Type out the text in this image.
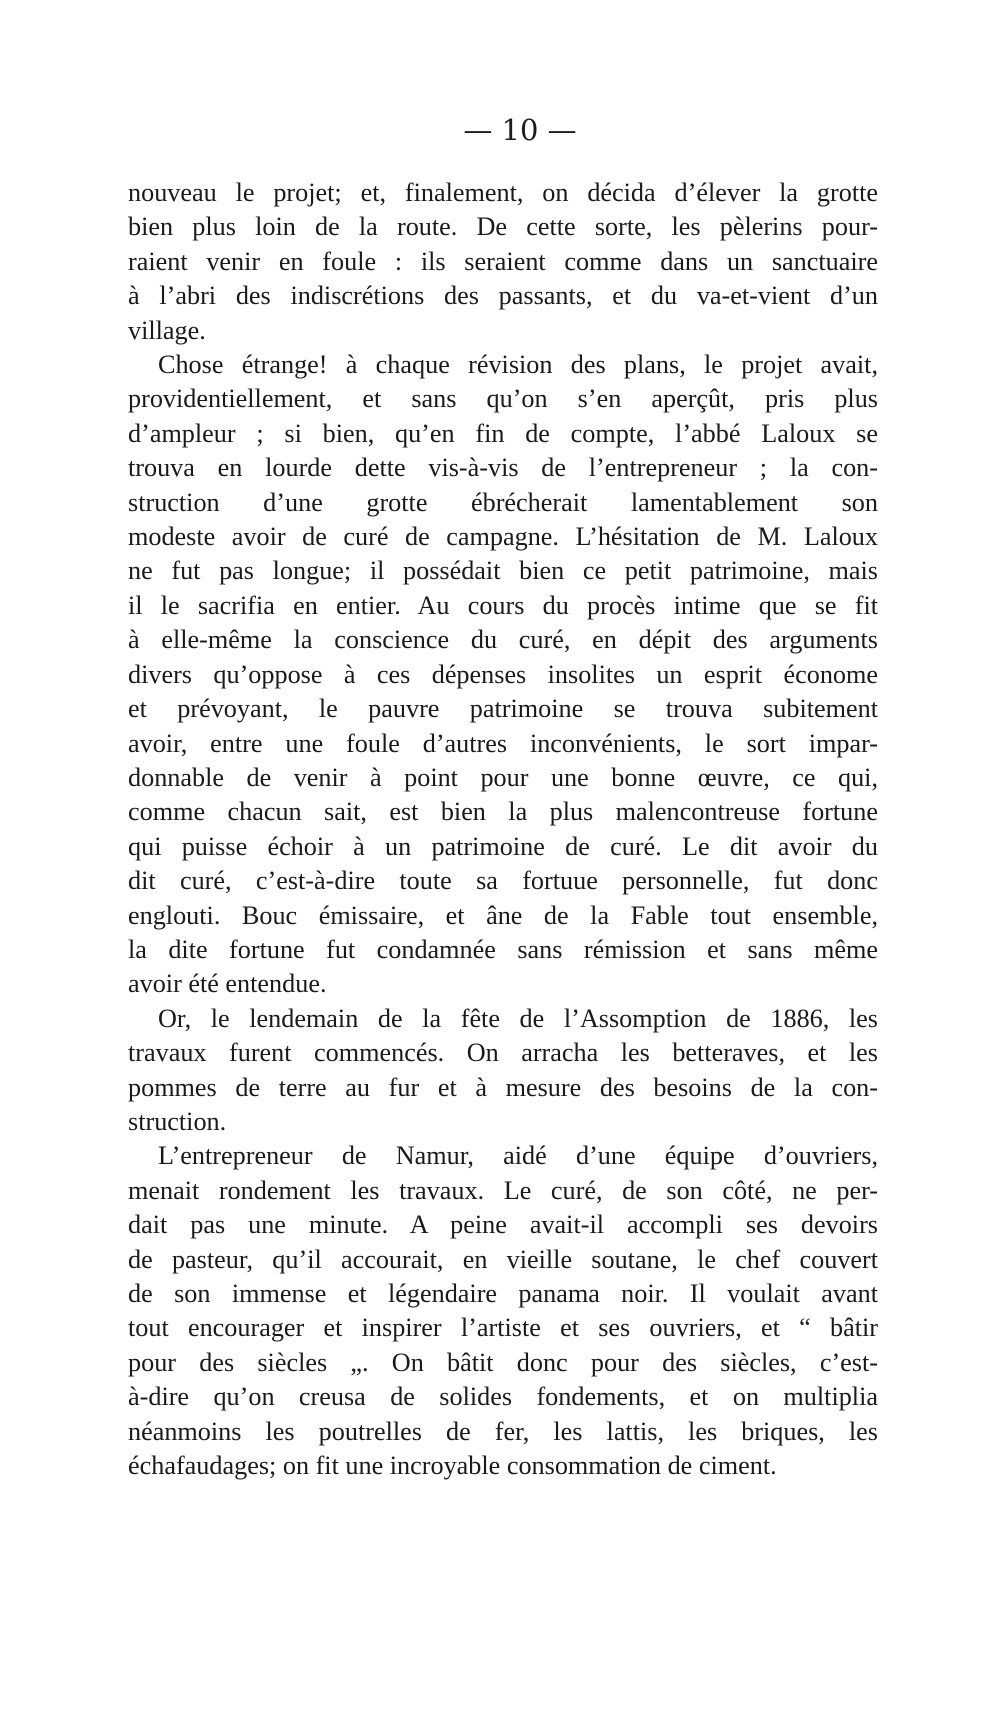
— 10 —
nouveau le projet; et, finalement, on décida d’élever la grotte
bien plus loin de la route. De cette sorte, les pèlerins pour-
raient venir en foule : ils seraient comme dans un sanctuaire
à l’abri des indiscrétions des passants, et du va-et-vient d’un
village.
Chose étrange! à chaque révision des plans, le projet avait,
providentiellement, et sans qu’on s’en aperçût, pris plus
d’ampleur ; si bien, qu’en fin de compte, l’abbé Laloux se
trouva en lourde dette vis-à-vis de l’entrepreneur ; la con-
struction d’une grotte ébrécherait lamentablement son
modeste avoir de curé de campagne. L’hésitation de M. Laloux
ne fut pas longue; il possédait bien ce petit patrimoine, mais
il le sacrifia en entier. Au cours du procès intime que se fit
à elle-même la conscience du curé, en dépit des arguments
divers qu’oppose à ces dépenses insolites un esprit économe
et prévoyant, le pauvre patrimoine se trouva subitement
avoir, entre une foule d’autres inconvénients, le sort impar-
donnable de venir à point pour une bonne œuvre, ce qui,
comme chacun sait, est bien la plus malencontreuse fortune
qui puisse échoir à un patrimoine de curé. Le dit avoir du
dit curé, c’est-à-dire toute sa fortuue personnelle, fut donc
englouti. Bouc émissaire, et âne de la Fable tout ensemble,
la dite fortune fut condamnée sans rémission et sans même
avoir été entendue.
Or, le lendemain de la fête de l’Assomption de 1886, les
travaux furent commencés. On arracha les betteraves, et les
pommes de terre au fur et à mesure des besoins de la con-
struction.
L’entrepreneur de Namur, aidé d’une équipe d’ouvriers,
menait rondement les travaux. Le curé, de son côté, ne per-
dait pas une minute. A peine avait-il accompli ses devoirs
de pasteur, qu’il accourait, en vieille soutane, le chef couvert
de son immense et légendaire panama noir. Il voulait avant
tout encourager et inspirer l’artiste et ses ouvriers, et “ bâtir
pour des siècles „. On bâtit donc pour des siècles, c’est-
à-dire qu’on creusa de solides fondements, et on multiplia
néanmoins les poutrelles de fer, les lattis, les briques, les
échafaudages; on fit une incroyable consommation de ciment.
